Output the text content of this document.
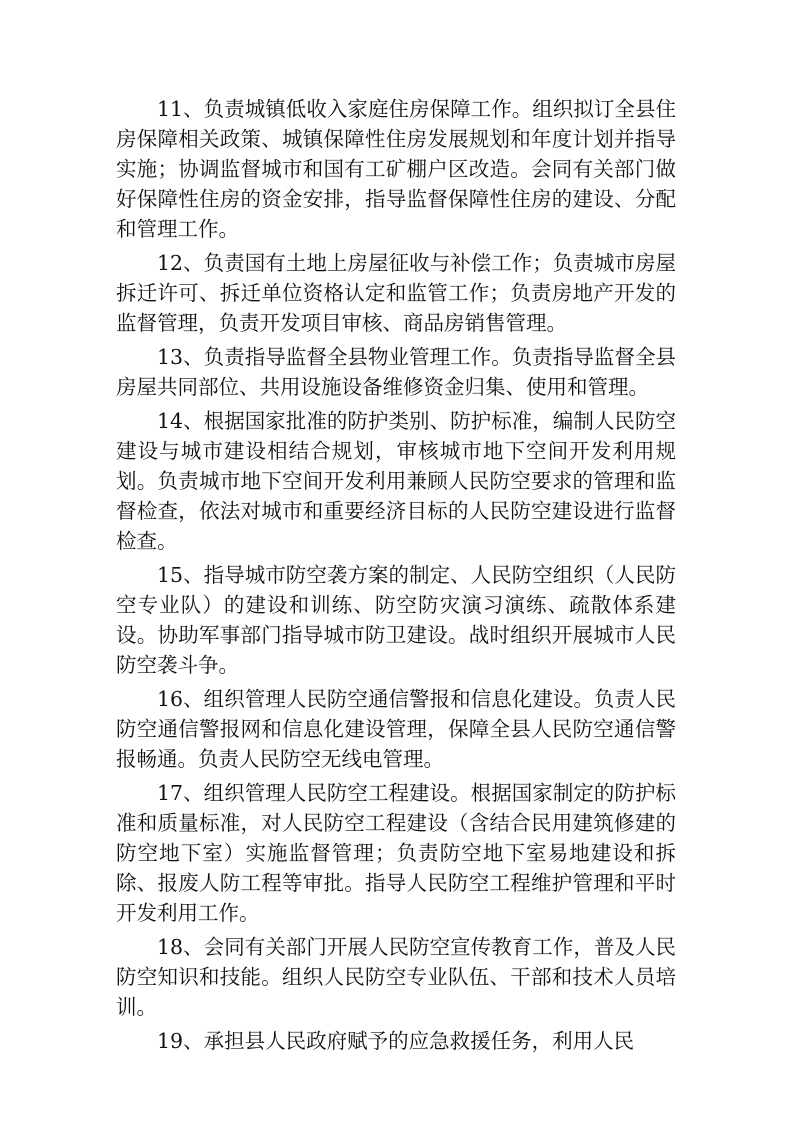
11、负责城镇低收入家庭住房保障工作。组织拟订全县住房保障相关政策、城镇保障性住房发展规划和年度计划并指导实施；协调监督城市和国有工矿棚户区改造。会同有关部门做好保障性住房的资金安排，指导监督保障性住房的建设、分配和管理工作。

12、负责国有土地上房屋征收与补偿工作；负责城市房屋拆迁许可、拆迁单位资格认定和监管工作；负责房地产开发的监督管理，负责开发项目审核、商品房销售管理。

13、负责指导监督全县物业管理工作。负责指导监督全县房屋共同部位、共用设施设备维修资金归集、使用和管理。

14、根据国家批准的防护类别、防护标准，编制人民防空建设与城市建设相结合规划，审核城市地下空间开发利用规划。负责城市地下空间开发利用兼顾人民防空要求的管理和监督检查，依法对城市和重要经济目标的人民防空建设进行监督检查。

15、指导城市防空袭方案的制定、人民防空组织（人民防空专业队）的建设和训练、防空防灾演习演练、疏散体系建设。协助军事部门指导城市防卫建设。战时组织开展城市人民防空袭斗争。

16、组织管理人民防空通信警报和信息化建设。负责人民防空通信警报网和信息化建设管理，保障全县人民防空通信警报畅通。负责人民防空无线电管理。

17、组织管理人民防空工程建设。根据国家制定的防护标准和质量标准，对人民防空工程建设（含结合民用建筑修建的防空地下室）实施监督管理；负责防空地下室易地建设和拆除、报废人防工程等审批。指导人民防空工程维护管理和平时开发利用工作。

18、会同有关部门开展人民防空宣传教育工作，普及人民防空知识和技能。组织人民防空专业队伍、干部和技术人员培训。

19、承担县人民政府赋予的应急救援任务，利用人民
